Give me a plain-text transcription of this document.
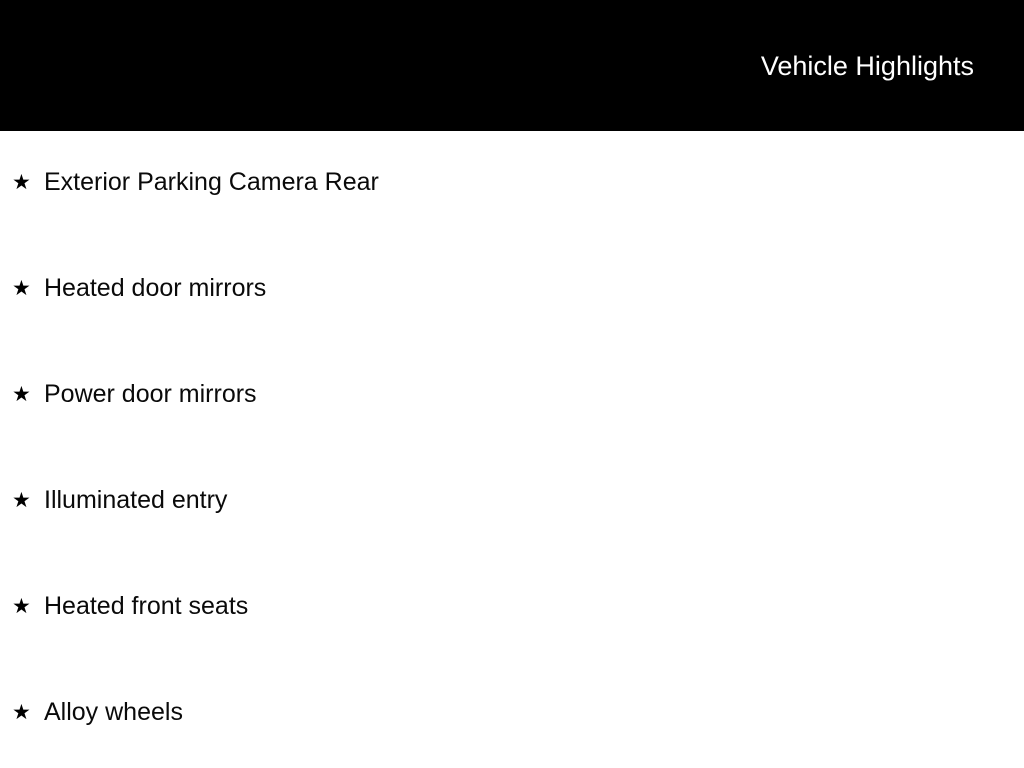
Vehicle Highlights
★ Exterior Parking Camera Rear
★ Heated door mirrors
★ Power door mirrors
★ Illuminated entry
★ Heated front seats
★ Alloy wheels
